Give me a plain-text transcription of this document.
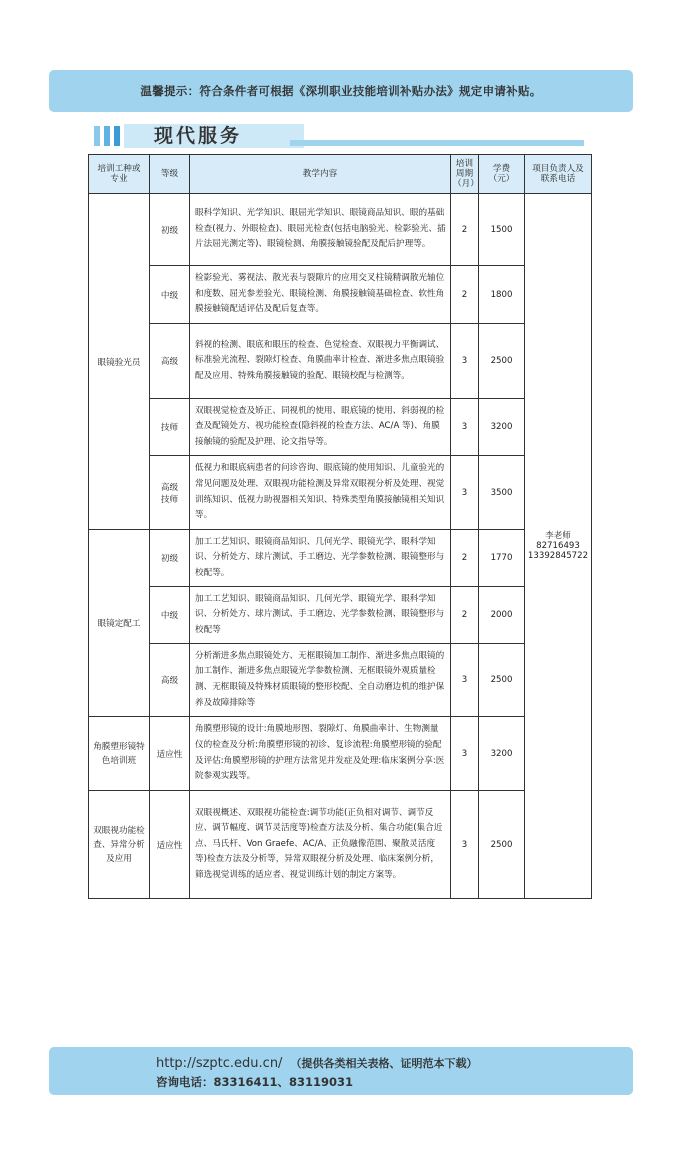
温馨提示：符合条件者可根据《深圳职业技能培训补贴办法》规定申请补贴。
现代服务
培训工种或专业	等级	教学内容	培训周期（月）	学费（元）	项目负责人及联系电话
眼镜验光员	初级	眼科学知识、光学知识、眼屈光学知识、眼镜商品知识、眼的基础检查(视力、外眼检查)、眼屈光检查(包括电脑验光、检影验光、插片法屈光测定等)、眼镜检测、角膜接触镜验配及配后护理等。	2	1500	李老师
82716493
13392845722

	中级	检影验光、雾视法、散光表与裂隙片的应用交叉柱镜精调散光轴位和度数、屈光参差验光、眼镜检测、角膜接触镜基础检查、软性角膜接触镜配适评估及配后复查等。	2	1800	
	高级	斜视的检测、眼底和眼压的检查、色觉检查、双眼视力平衡调试、标准验光流程、裂隙灯检查、角膜曲率计检查、渐进多焦点眼镜验配及应用、特殊角膜接触镜的验配、眼镜校配与检测等。	3	2500	
	技师	双眼视觉检查及矫正、同视机的使用、眼底镜的使用、斜弱视的检查及配镜处方、视功能检查(隐斜视的检查方法、AC/A 等)、角膜接触镜的验配及护理、论文指导等。	3	3200	
	高级技师	低视力和眼底病患者的问诊咨询、眼底镜的使用知识、儿童验光的常见问题及处理、双眼视功能检测及异常双眼视分析及处理、视觉训练知识、低视力助视器相关知识、特殊类型角膜接触镜相关知识等。	3	3500	
眼镜定配工	初级	加工工艺知识、眼镜商品知识、几何光学、眼镜光学、眼科学知识、分析处方、球片测试、手工磨边、光学参数检测、眼镜整形与校配等。	2	1770	
	中级	加工工艺知识、眼镜商品知识、几何光学、眼镜光学、眼科学知识、分析处方、球片测试、手工磨边、光学参数检测、眼镜整形与校配等	2	2000	
	高级	分析渐进多焦点眼镜处方、无框眼镜加工制作、渐进多焦点眼镜的加工制作、渐进多焦点眼镜光学参数检测、无框眼镜外观质量检测、无框眼镜及特殊材质眼镜的整形校配、全自动磨边机的维护保养及故障排除等	3	2500	
角膜塑形镜特色培训班	适应性	角膜塑形镜的设计:角膜地形图、裂隙灯、角膜曲率计、生物测量仪的检查及分析:角膜塑形镜的初诊、复诊流程:角膜塑形镜的验配及评估:角膜塑形镜的护理方法常见并发症及处理:临床案例分享:医院参观实践等。	3	3200	
双眼视功能检查、异常分析及应用	适应性	双眼视概述、双眼视功能检查:调节功能(正负相对调节、调节反应、调节幅度、调节灵活度等)检查方法及分析、集合功能(集合近点、马氏杆、Von Graefe、AC/A、正负融像范围、聚散灵活度等)检查方法及分析等，异常双眼视分析及处理、临床案例分析，筛选视觉训练的适应者、视觉训练计划的制定方案等。	3	2500	
http://szptc.edu.cn/ （提供各类相关表格、证明范本下载）
咨询电话：83316411、83119031
